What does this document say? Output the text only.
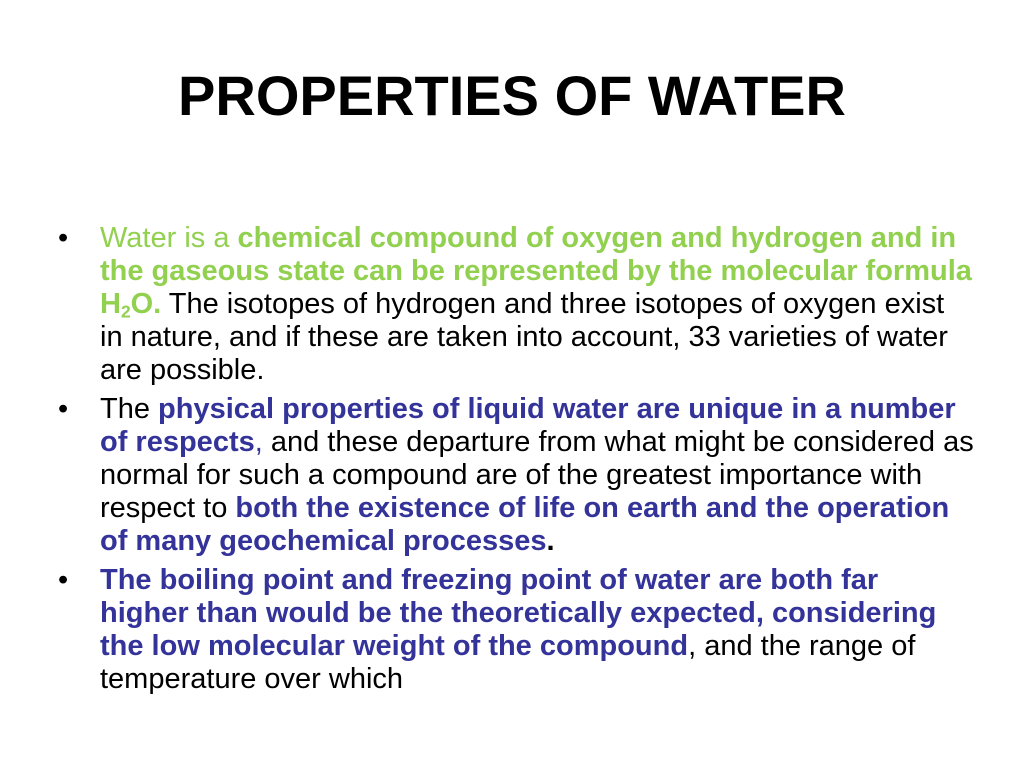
PROPERTIES OF WATER
•	Water is a chemical compound of oxygen and hydrogen and in the gaseous state can be represented by the molecular formula $H_2O$. The isotopes of hydrogen and three isotopes of oxygen exist in nature, and if these are taken into account, 33 varieties of water are possible.
•	The physical properties of liquid water are unique in a number of respects, and these departure from what might be considered as normal for such a compound are of the greatest importance with respect to both the existence of life on earth and the operation of many geochemical processes.
•	The boiling point and freezing point of water are both far higher than would be the theoretically expected, considering the low molecular weight of the compound, and the range of temperature over which
